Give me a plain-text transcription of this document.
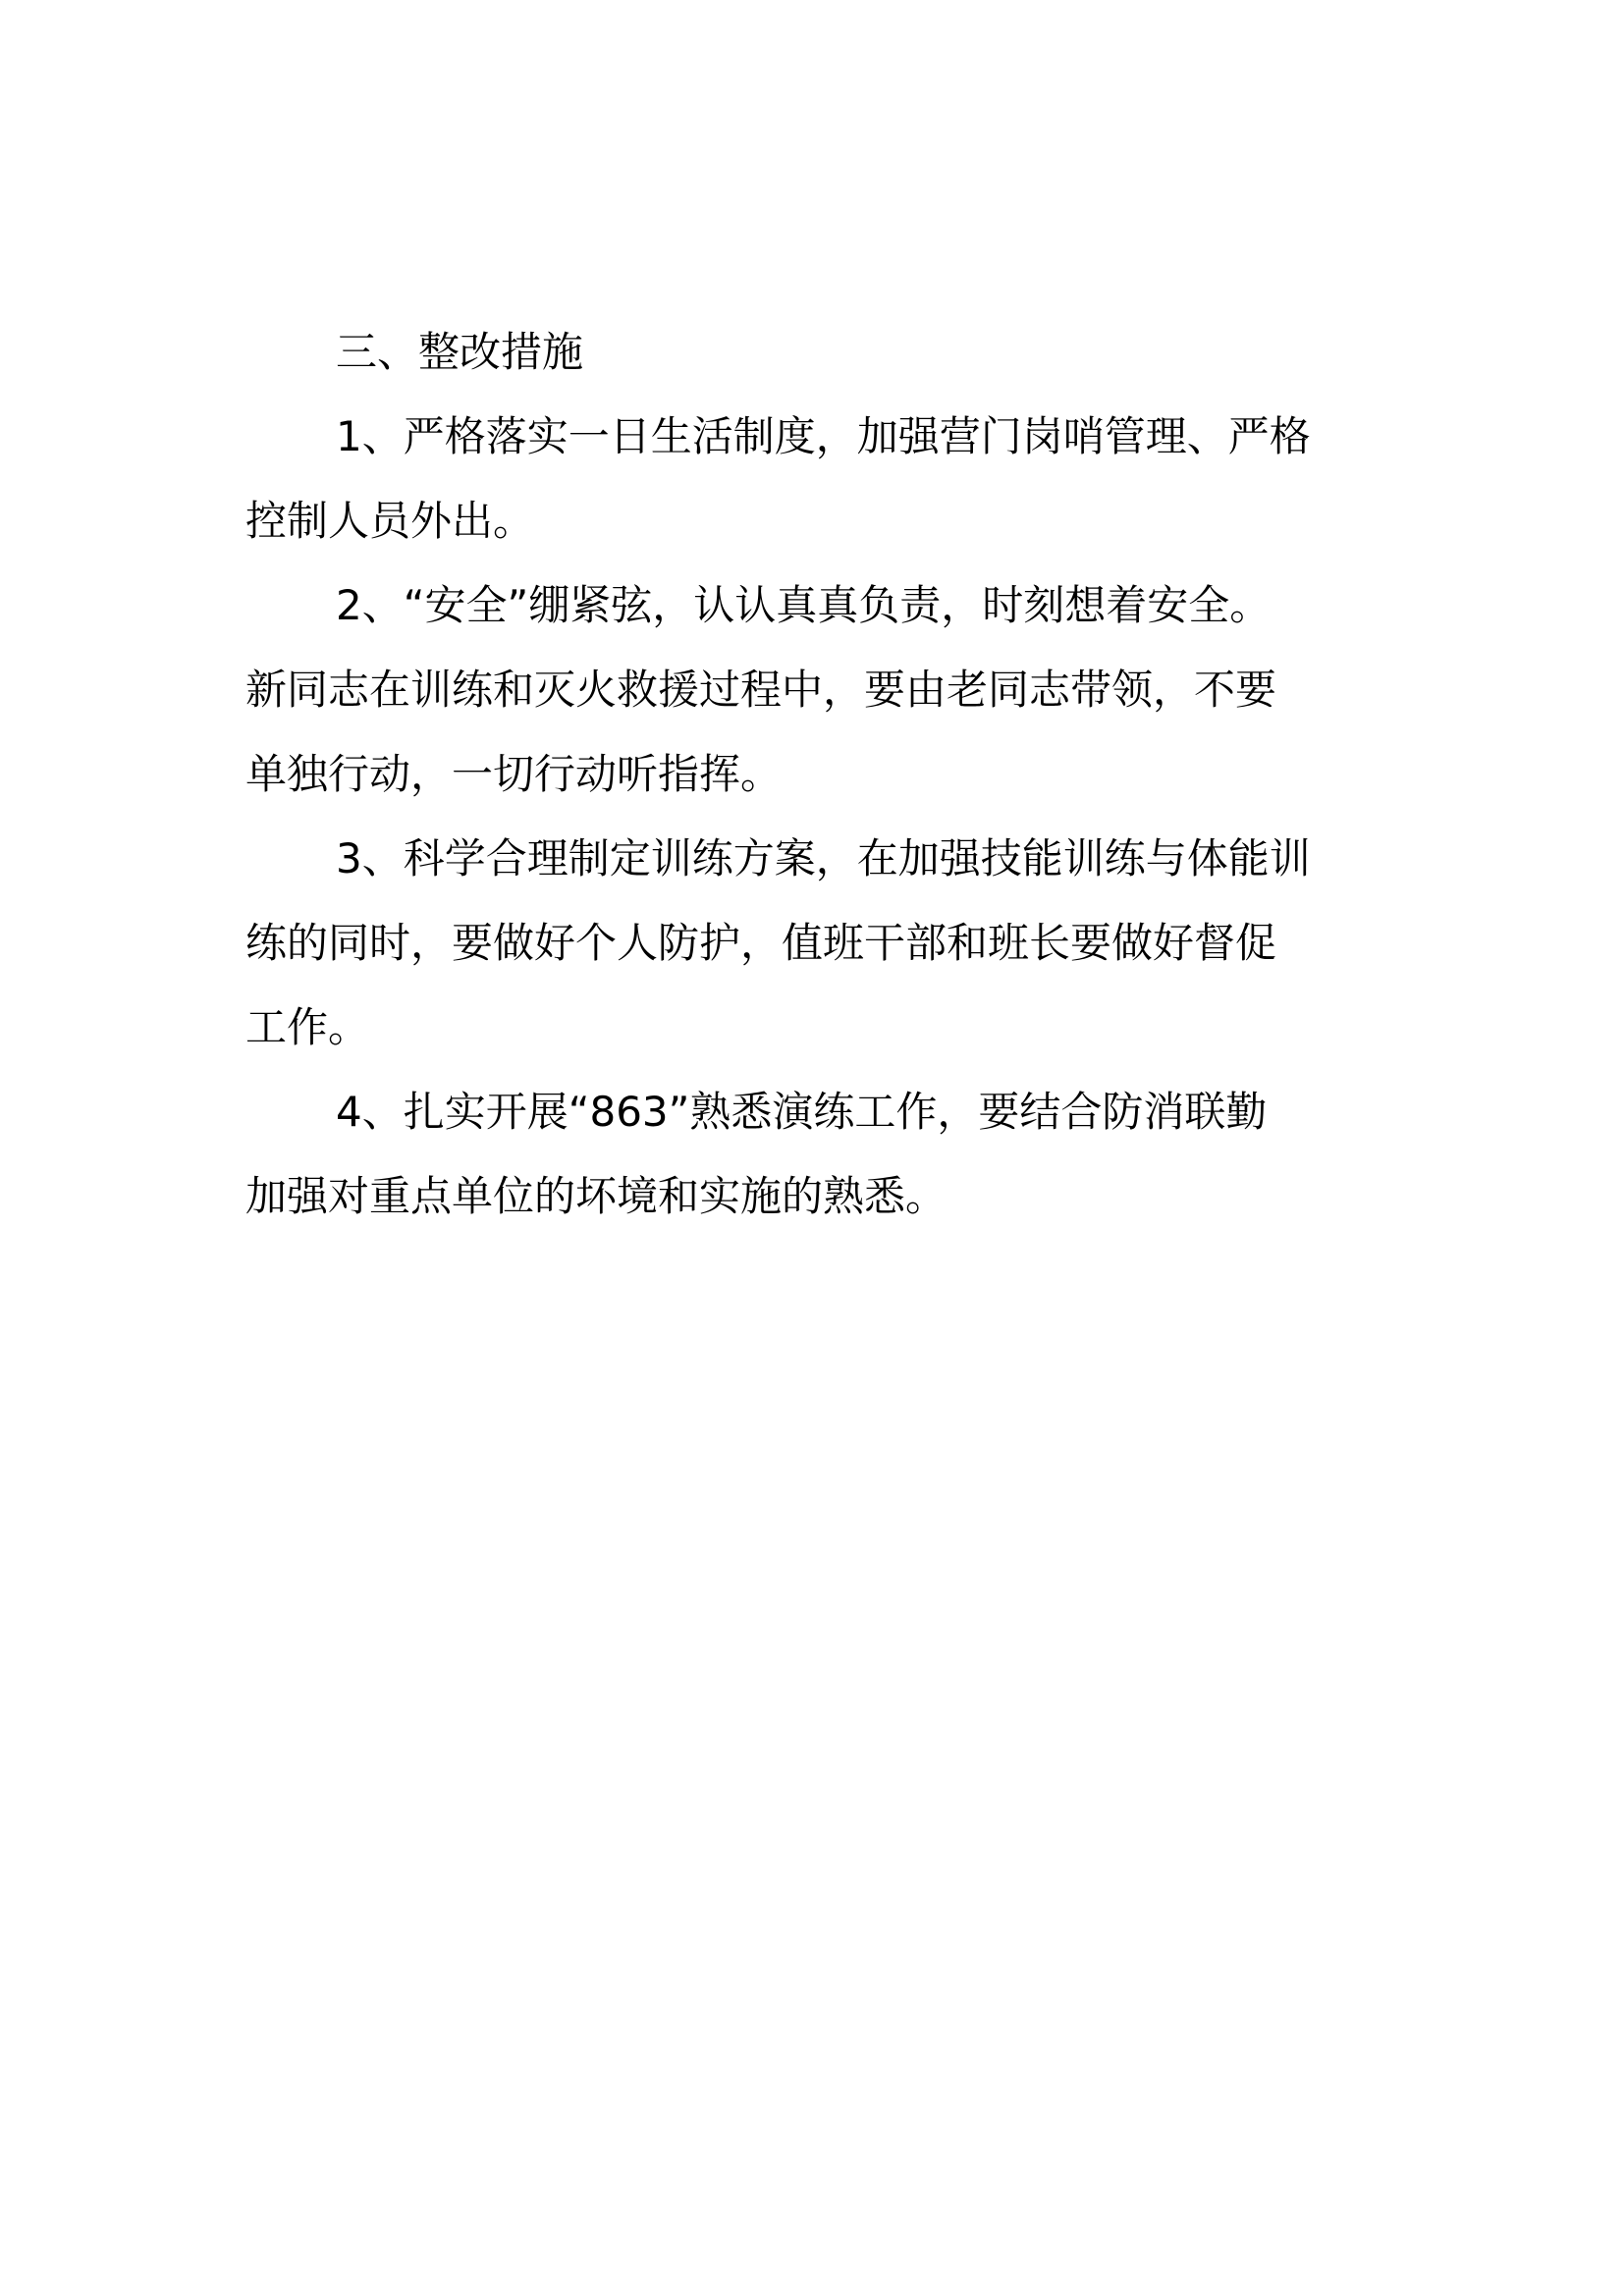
三、整改措施

1、严格落实一日生活制度，加强营门岗哨管理、严格
控制人员外出。

2、“安全”绷紧弦，认认真真负责，时刻想着安全。
新同志在训练和灭火救援过程中，要由老同志带领，不要
单独行动，一切行动听指挥。

3、科学合理制定训练方案，在加强技能训练与体能训
练的同时，要做好个人防护，值班干部和班长要做好督促
工作。

4、扎实开展“863”熟悉演练工作，要结合防消联勤
加强对重点单位的坏境和实施的熟悉。
